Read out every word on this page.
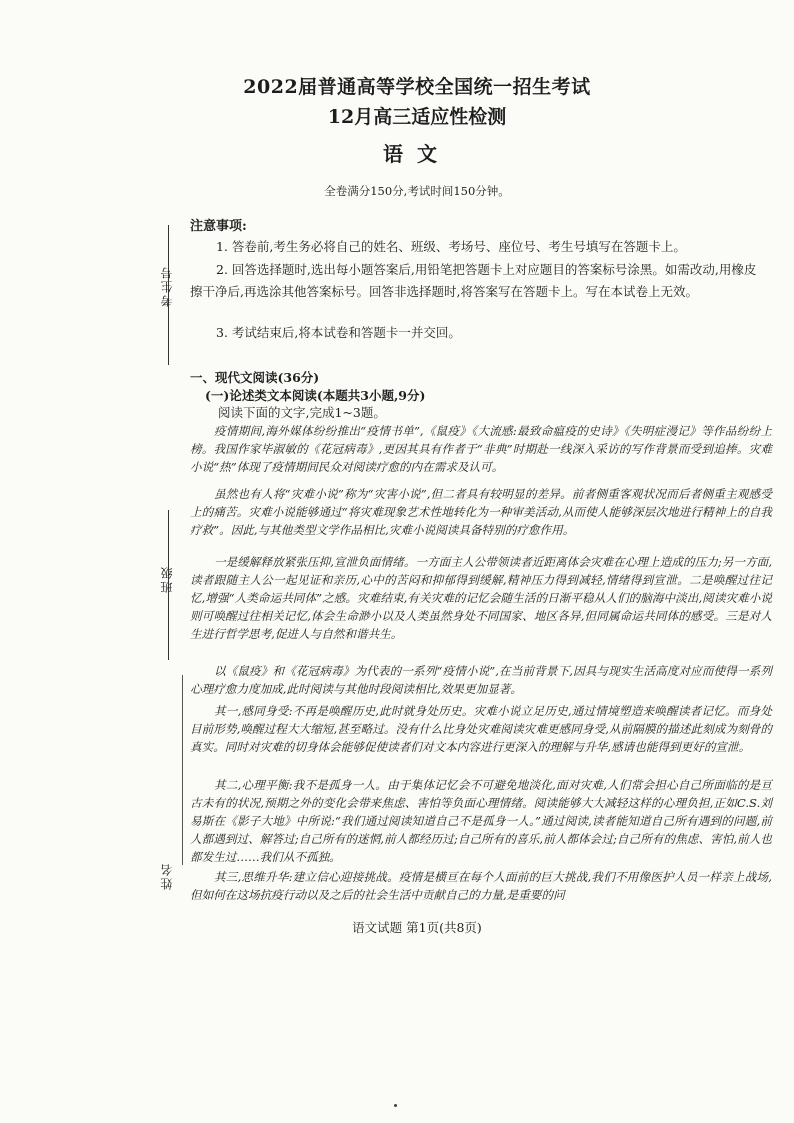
考生号
班级
姓名
2022届普通高等学校全国统一招生考试
12月高三适应性检测
语文
全卷满分150分,考试时间150分钟。
注意事项:
1. 答卷前,考生务必将自己的姓名、班级、考场号、座位号、考生号填写在答题卡上。
2. 回答选择题时,选出每小题答案后,用铅笔把答题卡上对应题目的答案标号涂黑。如需改动,用橡皮擦干净后,再选涂其他答案标号。回答非选择题时,将答案写在答题卡上。写在本试卷上无效。
3. 考试结束后,将本试卷和答题卡一并交回。
一、现代文阅读(36分)
(一)论述类文本阅读(本题共3小题,9分)
阅读下面的文字,完成1~3题。
疫情期间,海外媒体纷纷推出“疫情书单”,《鼠疫》《大流感:最致命瘟疫的史诗》《失明症漫记》等作品纷纷上榜。我国作家毕淑敏的《花冠病毒》,更因其具有作者于“非典”时期赴一线深入采访的写作背景而受到追捧。灾难小说“热”体现了疫情期间民众对阅读疗愈的内在需求及认可。
虽然也有人将“灾难小说”称为“灾害小说”,但二者具有较明显的差异。前者侧重客观状况而后者侧重主观感受上的痛苦。灾难小说能够通过“将灾难现象艺术性地转化为一种审美活动,从而使人能够深层次地进行精神上的自我疗救”。因此,与其他类型文学作品相比,灾难小说阅读具备特别的疗愈作用。
一是缓解释放紧张压抑,宣泄负面情绪。一方面主人公带领读者近距离体会灾难在心理上造成的压力;另一方面,读者跟随主人公一起见证和亲历,心中的苦闷和抑郁得到缓解,精神压力得到减轻,情绪得到宣泄。二是唤醒过往记忆,增强“人类命运共同体”之感。灾难结束,有关灾难的记忆会随生活的日渐平稳从人们的脑海中淡出,阅读灾难小说则可唤醒过往相关记忆,体会生命渺小以及人类虽然身处不同国家、地区各异,但同属命运共同体的感受。三是对人生进行哲学思考,促进人与自然和谐共生。
以《鼠疫》和《花冠病毒》为代表的一系列“疫情小说”,在当前背景下,因具与现实生活高度对应而使得一系列心理疗愈力度加成,此时阅读与其他时段阅读相比,效果更加显著。
其一,感同身受:不再是唤醒历史,此时就身处历史。灾难小说立足历史,通过情境塑造来唤醒读者记忆。而身处目前形势,唤醒过程大大缩短,甚至略过。没有什么比身处灾难阅读灾难更感同身受,从前隔膜的描述此刻成为刻骨的真实。同时对灾难的切身体会能够促使读者们对文本内容进行更深入的理解与升华,感请也能得到更好的宣泄。
其二,心理平衡:我不是孤身一人。由于集体记忆会不可避免地淡化,面对灾难,人们常会担心自己所面临的是亘古未有的状况,预期之外的变化会带来焦虑、害怕等负面心理情绪。阅读能够大大减轻这样的心理负担,正如C.S.刘易斯在《影子大地》中所说:“我们通过阅读知道自己不是孤身一人。”通过阅读,读者能知道自己所有遇到的问题,前人都遇到过、解答过;自己所有的迷惘,前人都经历过;自己所有的喜乐,前人都体会过;自己所有的焦虑、害怕,前人也都发生过……我们从不孤独。
其三,思维升华:建立信心迎接挑战。疫情是横亘在每个人面前的巨大挑战,我们不用像医护人员一样亲上战场,但如何在这场抗疫行动以及之后的社会生活中贡献自己的力量,是重要的问
语文试题 第1页(共8页)
